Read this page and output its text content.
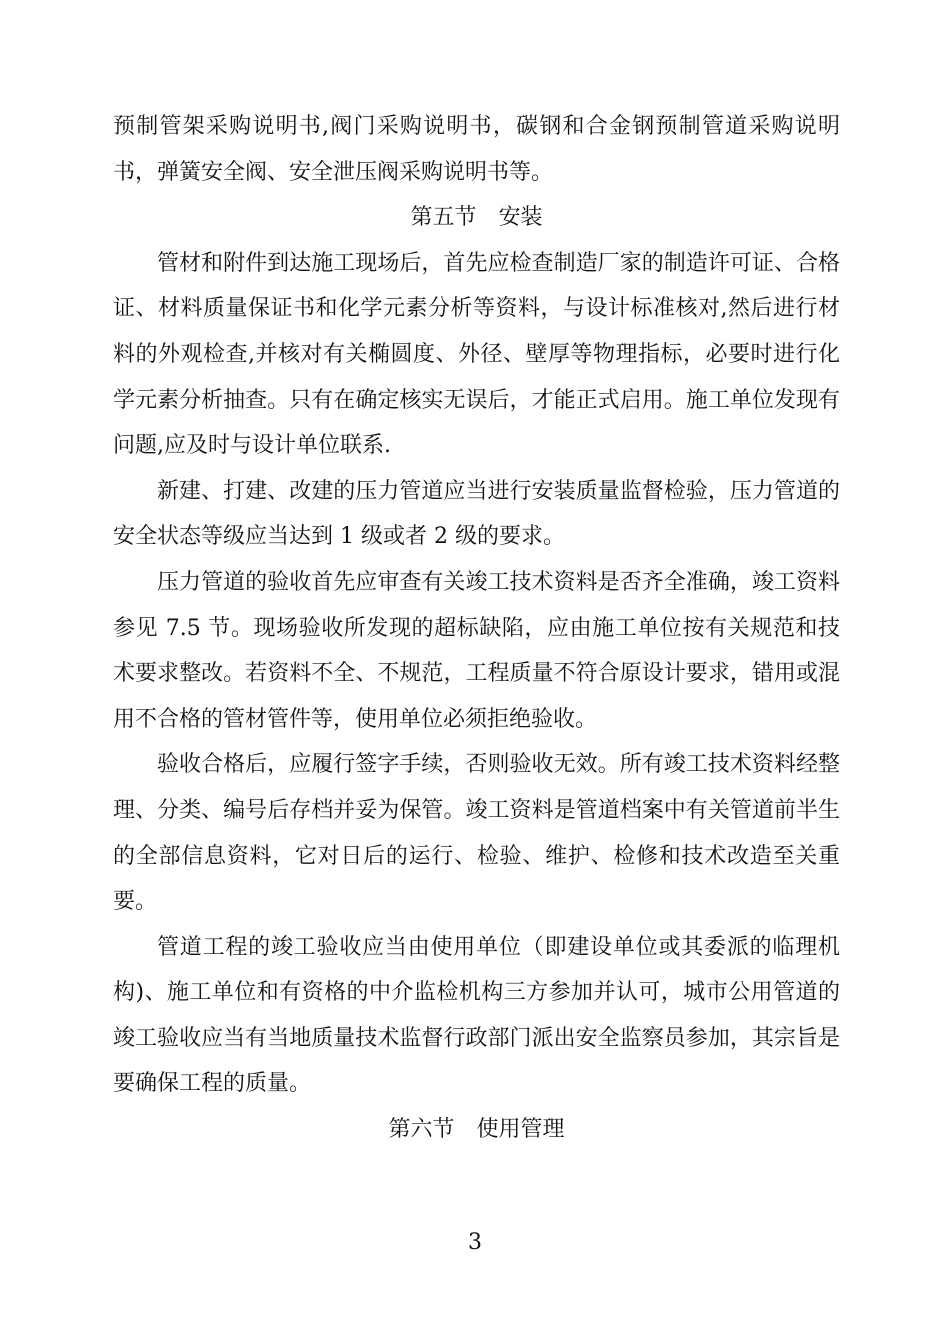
预制管架采购说明书,阀门采购说明书，碳钢和合金钢预制管道采购说明书，弹簧安全阀、安全泄压阀采购说明书等。

第五节 安装

管材和附件到达施工现场后，首先应检查制造厂家的制造许可证、合格证、材料质量保证书和化学元素分析等资料，与设计标准核对,然后进行材料的外观检查,并核对有关椭圆度、外径、壁厚等物理指标，必要时进行化学元素分析抽查。只有在确定核实无误后，才能正式启用。施工单位发现有问题,应及时与设计单位联系.

新建、打建、改建的压力管道应当进行安装质量监督检验，压力管道的安全状态等级应当达到 1 级或者 2 级的要求。

压力管道的验收首先应审查有关竣工技术资料是否齐全准确，竣工资料参见 7.5 节。现场验收所发现的超标缺陷，应由施工单位按有关规范和技术要求整改。若资料不全、不规范，工程质量不符合原设计要求，错用或混用不合格的管材管件等，使用单位必须拒绝验收。

验收合格后，应履行签字手续，否则验收无效。所有竣工技术资料经整理、分类、编号后存档并妥为保管。竣工资料是管道档案中有关管道前半生的全部信息资料，它对日后的运行、检验、维护、检修和技术改造至关重要。

管道工程的竣工验收应当由使用单位（即建设单位或其委派的临理机构)、施工单位和有资格的中介监检机构三方参加并认可，城市公用管道的竣工验收应当有当地质量技术监督行政部门派出安全监察员参加，其宗旨是要确保工程的质量。

第六节 使用管理
3
